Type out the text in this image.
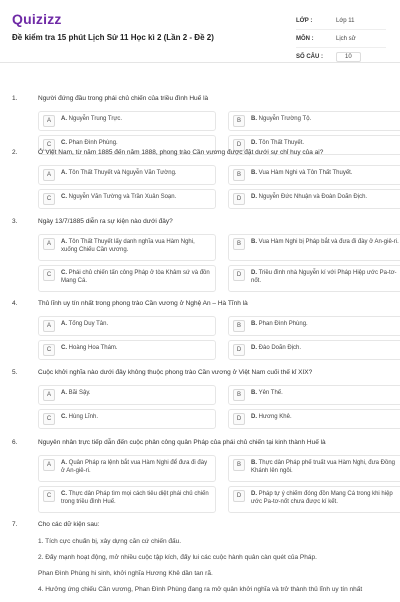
Quizizz
Đề kiểm tra 15 phút Lịch Sử 11 Học kì 2 (Lần 2 - Đề 2)
LỚP :	Lớp 11
MÔN :	Lịch sử
SỐ CÂU :	10
1.	Người đứng đầu trong phái chủ chiến của triều đình Huế là
A	A. Nguyễn Trung Trực.	B	B. Nguyễn Trường Tộ.
C	C. Phan Đình Phùng.	D	D. Tôn Thất Thuyết.
2.	Ở Việt Nam, từ năm 1885 đến năm 1888, phong trào Cần vương được đặt dưới sự chỉ huy của ai?
A	A. Tôn Thất Thuyết và Nguyễn Văn Tường.	B	B. Vua Hàm Nghi và Tôn Thất Thuyết.
C	C. Nguyễn Văn Tường và Trần Xuân Soạn.	D	D. Nguyễn Đức Nhuận và Đoàn Doãn Địch.
3.	Ngày 13/7/1885 diễn ra sự kiện nào dưới đây?
A	A. Tôn Thất Thuyết lấy danh nghĩa vua Hàm Nghi, xuống Chiếu Cần vương.
B	B. Vua Hàm Nghi bị Pháp bắt và đưa đi đày ở An-giê-ri.
C	C. Phái chủ chiến tấn công Pháp ở tòa Khâm sứ và đồn Mang Cá.
D	D. Triều đình nhà Nguyễn kí với Pháp Hiệp ước Pa-tơ-nốt.
4.	Thủ lĩnh uy tín nhất trong phong trào Cần vương ở Nghệ An – Hà Tĩnh là
A	A. Tống Duy Tân.	B	B. Phan Đình Phùng.
C	C. Hoàng Hoa Thám.	D	D. Đào Doãn Địch.
5.	Cuộc khởi nghĩa nào dưới đây không thuộc phong trào Cần vương ở Việt Nam cuối thế kỉ XIX?
A	A. Bãi Sậy.	B	B. Yên Thế.
C	C. Hùng Lĩnh.	D	D. Hương Khê.
6.	Nguyên nhân trực tiếp dẫn đến cuộc phản công quân Pháp của phái chủ chiến tại kinh thành Huế là
A	A. Quân Pháp ra lệnh bắt vua Hàm Nghi để đưa đi đày ở An-giê-ri.
B	B. Thực dân Pháp phế truất vua Hàm Nghi, đưa Đồng Khánh lên ngôi.
C	C. Thực dân Pháp tìm mọi cách tiêu diệt phái chủ chiến trong triều đình Huế.
D	D. Pháp tự ý chiếm đóng đồn Mang Cá trong khi hiệp ước Pa-tơ-nốt chưa được kí kết.
7.	Cho các dữ kiện sau:
1. Tích cực chuẩn bị, xây dựng căn cứ chiến đấu.
2. Đẩy mạnh hoạt động, mở nhiều cuộc tập kích, đẩy lui các cuộc hành quân càn quét của Pháp.
Phan Đình Phùng hi sinh, khởi nghĩa Hương Khê dần tan rã.
4. Hưởng ứng chiếu Cần vương, Phan Đình Phùng đang ra mở quân khởi nghĩa và trở thành thủ lĩnh uy tín nhất
